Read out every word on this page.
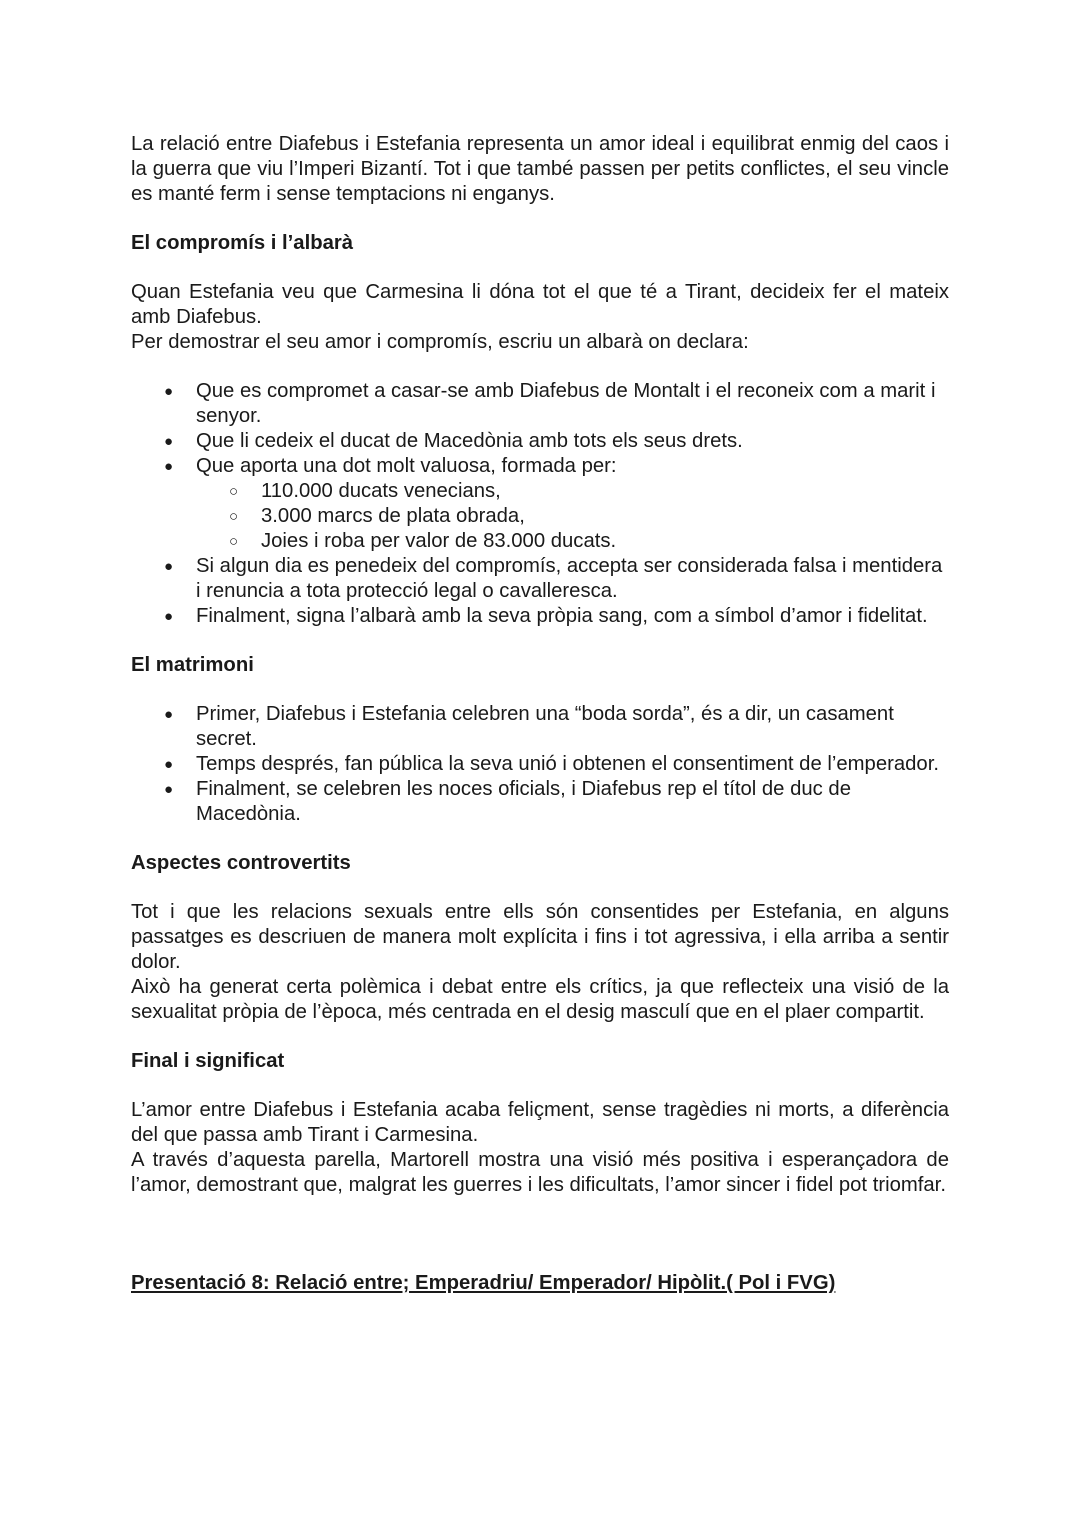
La relació entre Diafebus i Estefania representa un amor ideal i equilibrat enmig del caos i la guerra que viu l’Imperi Bizantí. Tot i que també passen per petits conflictes, el seu vincle es manté ferm i sense temptacions ni enganys.

El compromís i l’albarà

Quan Estefania veu que Carmesina li dóna tot el que té a Tirant, decideix fer el mateix amb Diafebus.

Per demostrar el seu amor i compromís, escriu un albarà on declara:

● Que es compromet a casar-se amb Diafebus de Montalt i el reconeix com a marit i senyor.
● Que li cedeix el ducat de Macedònia amb tots els seus drets.
● Que aporta una dot molt valuosa, formada per:
○ 110.000 ducats venecians,
○ 3.000 marcs de plata obrada,
○ Joies i roba per valor de 83.000 ducats.
● Si algun dia es penedeix del compromís, accepta ser considerada falsa i mentidera i renuncia a tota protecció legal o cavalleresca.
● Finalment, signa l’albarà amb la seva pròpia sang, com a símbol d’amor i fidelitat.
El matrimoni
● Primer, Diafebus i Estefania celebren una “boda sorda”, és a dir, un casament secret.
● Temps després, fan pública la seva unió i obtenen el consentiment de l’emperador.
● Finalment, se celebren les noces oficials, i Diafebus rep el títol de duc de Macedònia.
Aspectes controvertits

Tot i que les relacions sexuals entre ells són consentides per Estefania, en alguns passatges es descriuen de manera molt explícita i fins i tot agressiva, i ella arriba a sentir dolor.

Això ha generat certa polèmica i debat entre els crítics, ja que reflecteix una visió de la sexualitat pròpia de l’època, més centrada en el desig masculí que en el plaer compartit.

Final i significat

L’amor entre Diafebus i Estefania acaba feliçment, sense tragèdies ni morts, a diferència del que passa amb Tirant i Carmesina.

A través d’aquesta parella, Martorell mostra una visió més positiva i esperançadora de l’amor, demostrant que, malgrat les guerres i les dificultats, l’amor sincer i fidel pot triomfar.

Presentació 8: Relació entre; Emperadriu/ Emperador/ Hipòlit.( Pol i FVG)
